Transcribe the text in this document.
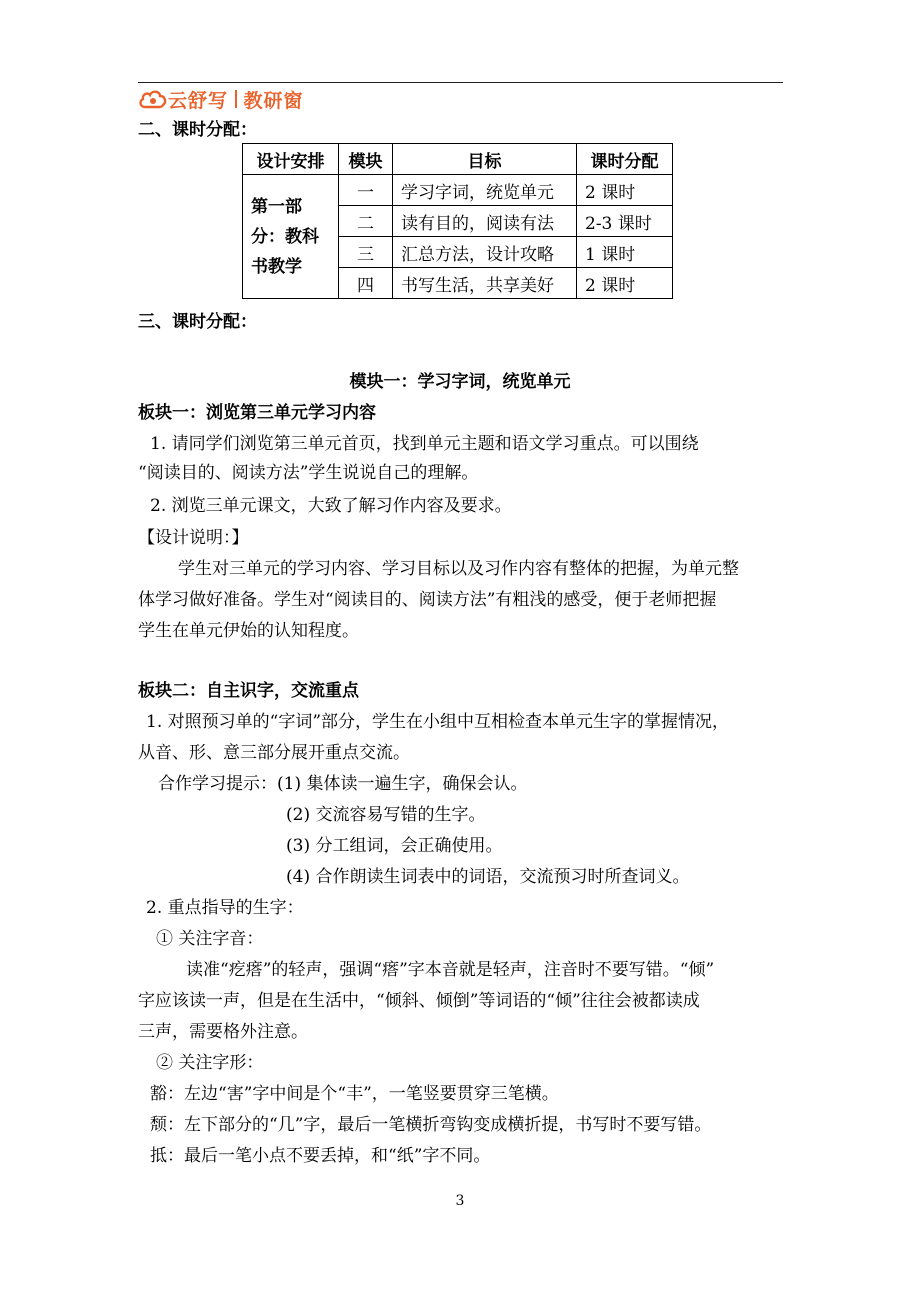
云舒写 教研窗
二、课时分配：
设计安排	模块	目标	课时分配
第一部分：教科书教学	一	学习字词，统览单元	2 课时
	二	读有目的，阅读有法	2-3 课时
	三	汇总方法，设计攻略	1 课时
	四	书写生活，共享美好	2 课时
三、课时分配：
模块一：学习字词，统览单元
板块一：浏览第三单元学习内容
1. 请同学们浏览第三单元首页，找到单元主题和语文学习重点。可以围绕
“阅读目的、阅读方法”学生说说自己的理解。
2. 浏览三单元课文，大致了解习作内容及要求。
【设计说明：】
学生对三单元的学习内容、学习目标以及习作内容有整体的把握，为单元整
体学习做好准备。学生对“阅读目的、阅读方法”有粗浅的感受，便于老师把握
学生在单元伊始的认知程度。
板块二：自主识字，交流重点
1. 对照预习单的“字词”部分，学生在小组中互相检查本单元生字的掌握情况，
从音、形、意三部分展开重点交流。
合作学习提示：(1) 集体读一遍生字，确保会认。
(2) 交流容易写错的生字。
(3) 分工组词，会正确使用。
(4) 合作朗读生词表中的词语，交流预习时所查词义。
2. 重点指导的生字：
① 关注字音：
读准“疙瘩”的轻声，强调“瘩”字本音就是轻声，注音时不要写错。“倾”
字应该读一声，但是在生活中，“倾斜、倾倒”等词语的“倾”往往会被都读成
三声，需要格外注意。
② 关注字形：
豁：左边“害”字中间是个“丰”，一笔竖要贯穿三笔横。
颓：左下部分的“几”字，最后一笔横折弯钩变成横折提，书写时不要写错。
抵：最后一笔小点不要丢掉，和“纸”字不同。
3
